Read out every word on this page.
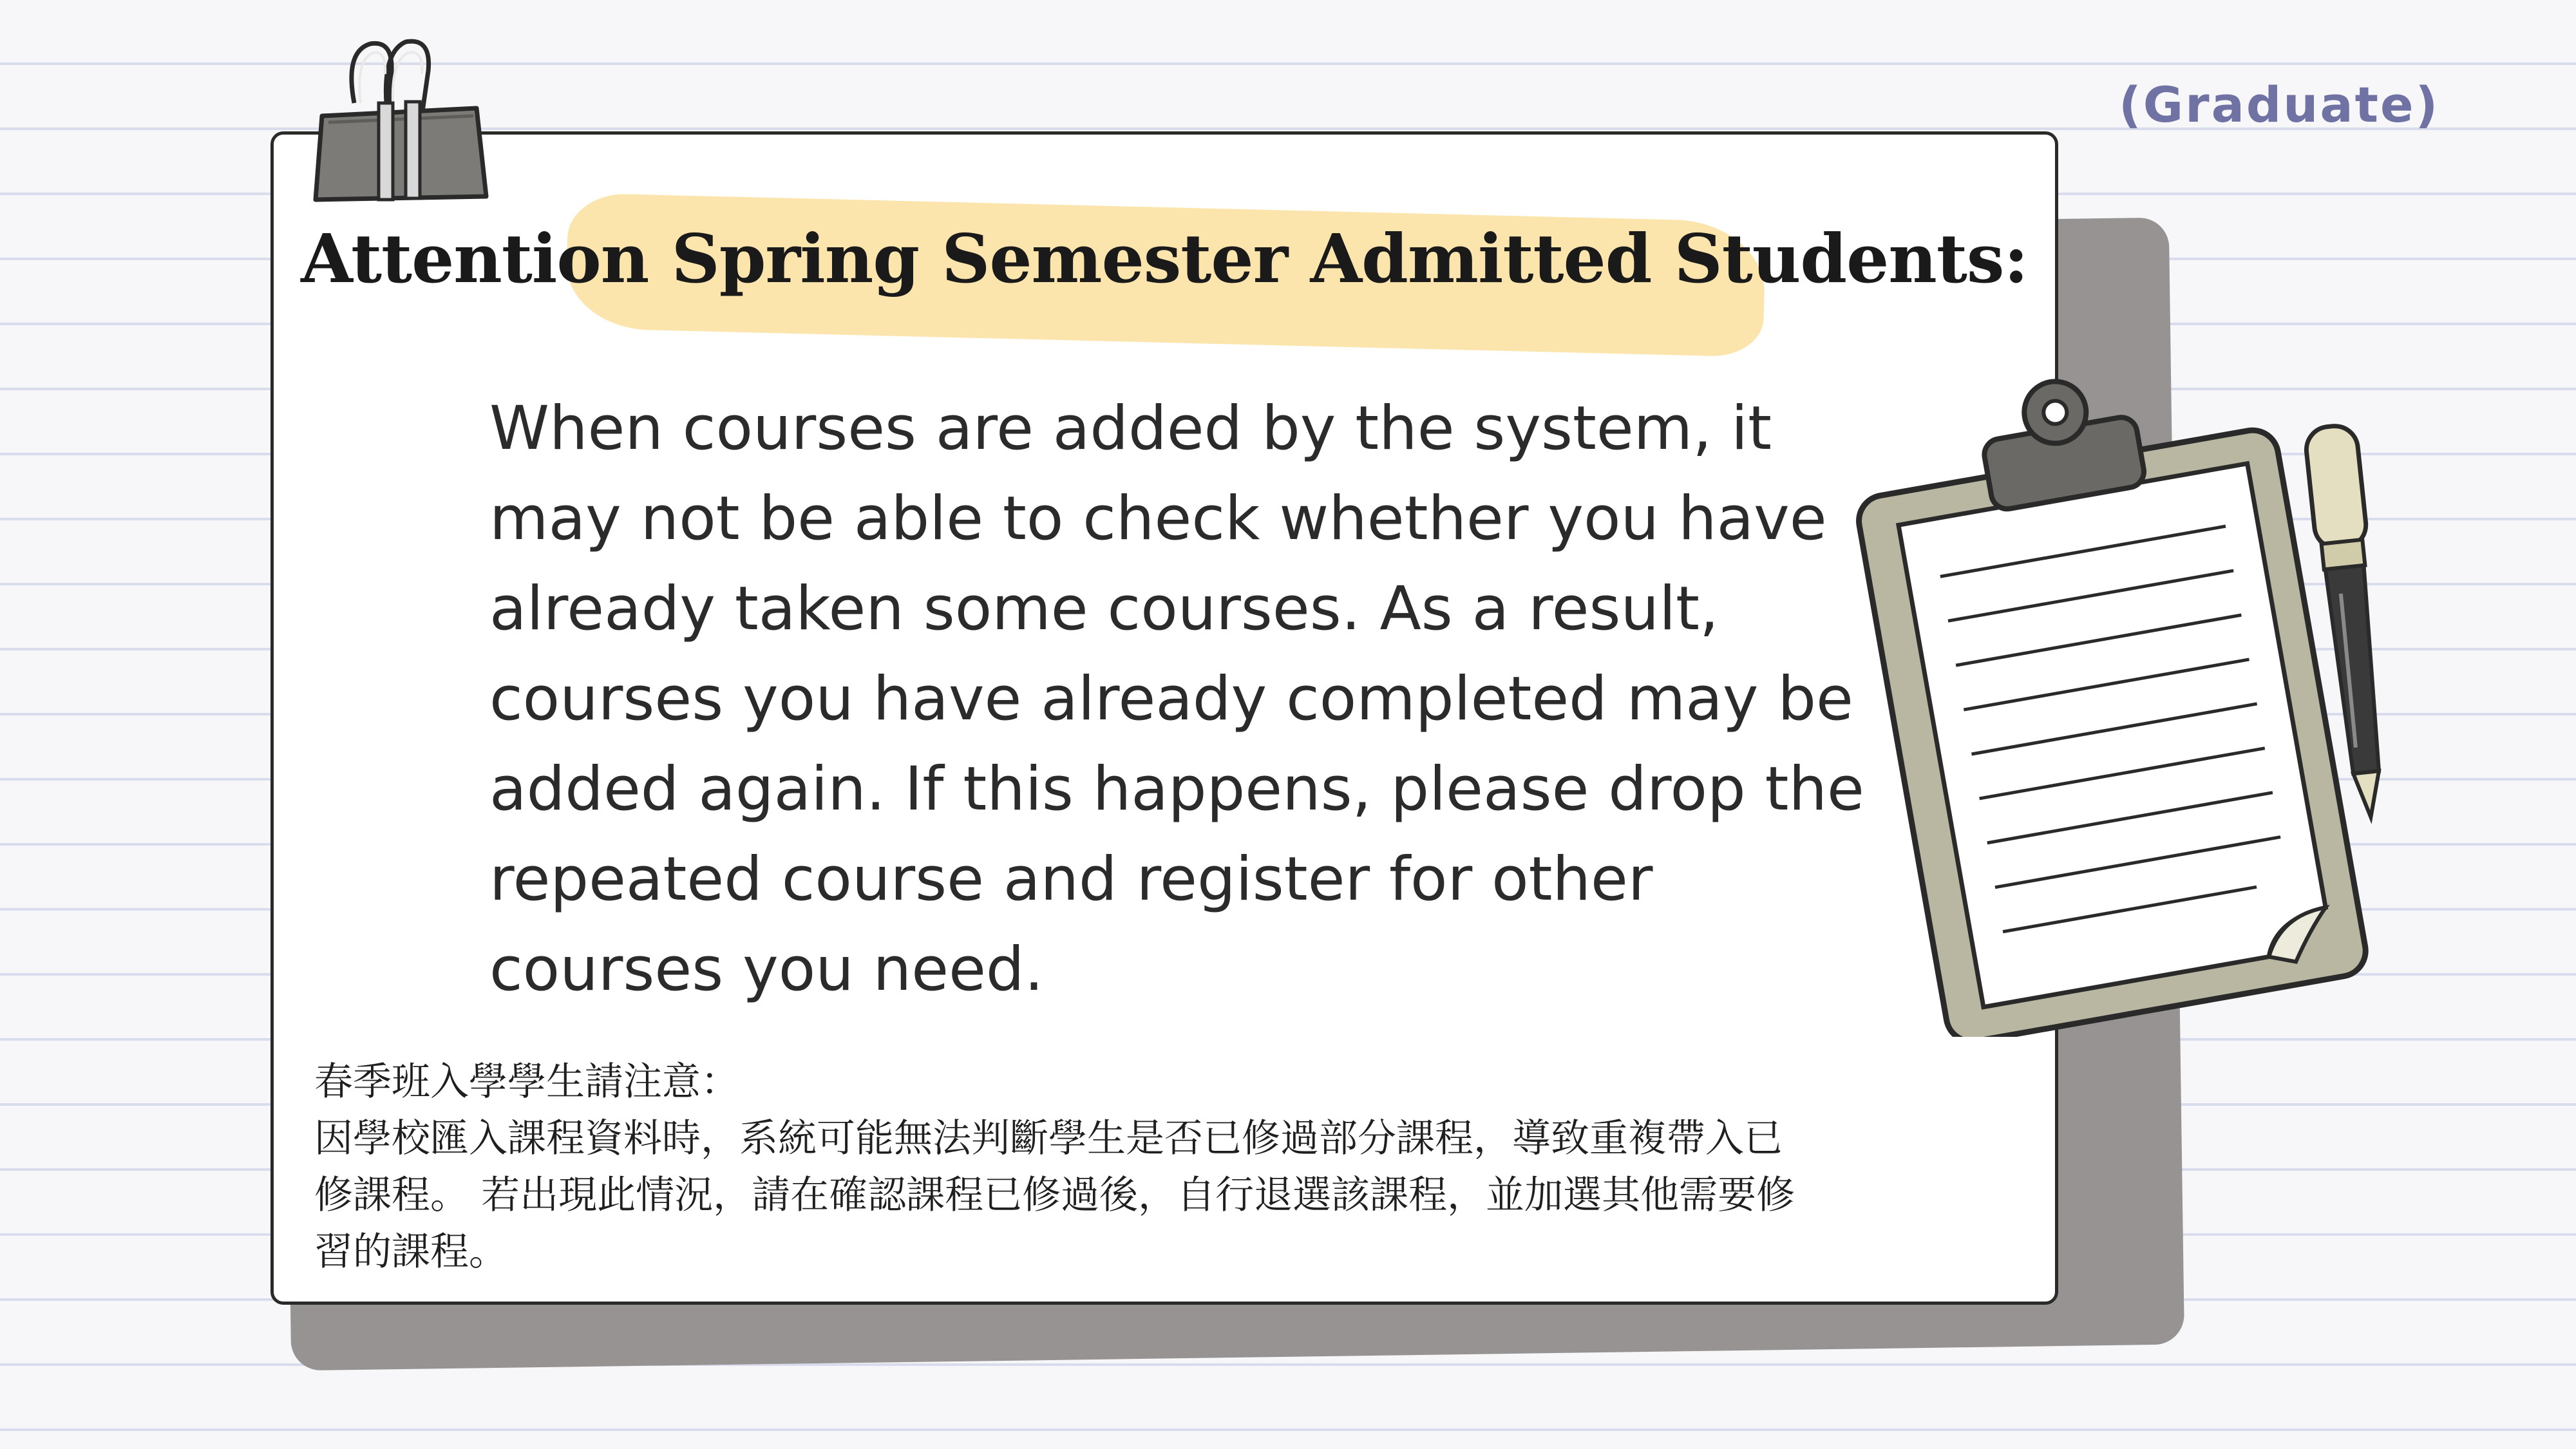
Attention Spring Semester Admitted Students:
When courses are added by the system, it may not be able to check whether you have already taken some courses. As a result, courses you have already completed may be added again. If this happens, please drop the repeated course and register for other courses you need.
春季班入學學生請注意：
因學校匯入課程資料時，系統可能無法判斷學生是否已修過部分課程，導致重複帶入已
修課程。 若出現此情況，請在確認課程已修過後，自行退選該課程，並加選其他需要修
習的課程。
(Graduate)
